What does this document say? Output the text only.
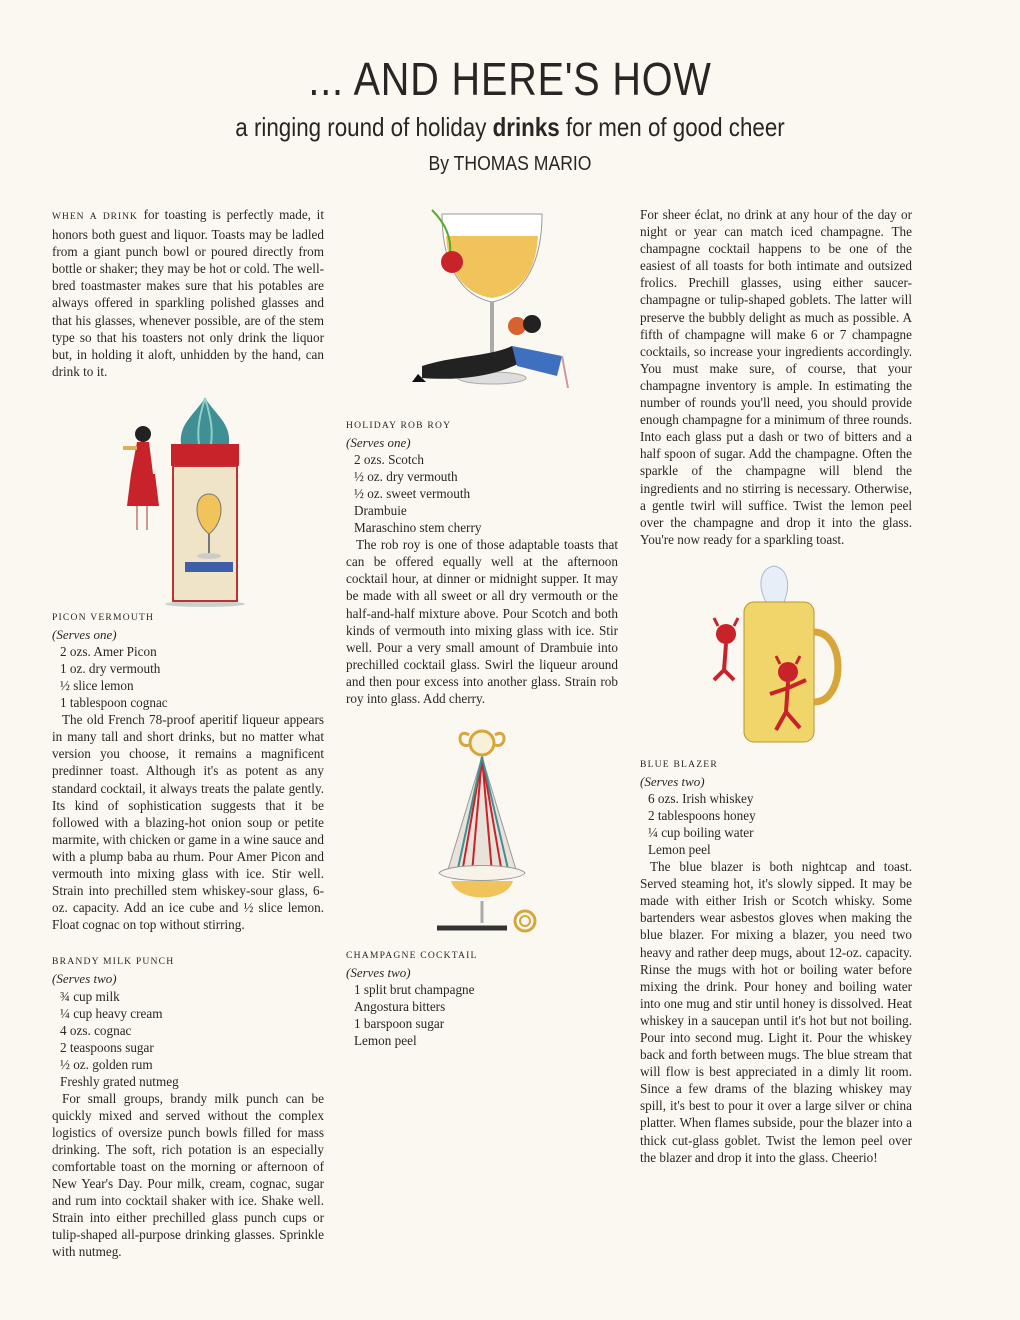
... AND HERE'S HOW
a ringing round of holiday drinks for men of good cheer
By THOMAS MARIO

WHEN A DRINK for toasting is perfectly made, it honors both guest and liquor. Toasts may be ladled from a giant punch bowl or poured directly from bottle or shaker; they may be hot or cold. The well-bred toastmaster makes sure that his potables are always offered in sparkling polished glasses and that his glasses, whenever possible, are of the stem type so that his toasters not only drink the liquor but, in holding it aloft, unhidden by the hand, can drink to it.

PICON VERMOUTH

(Serves one)

2 ozs. Amer Picon
1 oz. dry vermouth
½ slice lemon
1 tablespoon cognac

The old French 78-proof aperitif liqueur appears in many tall and short drinks, but no matter what version you choose, it remains a magnificent predinner toast. Although it's as potent as any standard cocktail, it always treats the palate gently. Its kind of sophistication suggests that it be followed with a blazing-hot onion soup or petite marmite, with chicken or game in a wine sauce and with a plump baba au rhum. Pour Amer Picon and vermouth into mixing glass with ice. Stir well. Strain into prechilled stem whiskey-sour glass, 6-oz. capacity. Add an ice cube and ½ slice lemon. Float cognac on top without stirring.

BRANDY MILK PUNCH

(Serves two)

¾ cup milk
¼ cup heavy cream
4 ozs. cognac
2 teaspoons sugar
½ oz. golden rum
Freshly grated nutmeg

For small groups, brandy milk punch can be quickly mixed and served without the complex logistics of oversize punch bowls filled for mass drinking. The soft, rich potation is an especially comfortable toast on the morning or afternoon of New Year's Day. Pour milk, cream, cognac, sugar and rum into cocktail shaker with ice. Shake well. Strain into either prechilled glass punch cups or tulip-shaped all-purpose drinking glasses. Sprinkle with nutmeg.

HOLIDAY ROB ROY

(Serves one)

2 ozs. Scotch
½ oz. dry vermouth
½ oz. sweet vermouth
Drambuie
Maraschino stem cherry

The rob roy is one of those adaptable toasts that can be offered equally well at the afternoon cocktail hour, at dinner or midnight supper. It may be made with all sweet or all dry vermouth or the half-and-half mixture above. Pour Scotch and both kinds of vermouth into mixing glass with ice. Stir well. Pour a very small amount of Drambuie into prechilled cocktail glass. Swirl the liqueur around and then pour excess into another glass. Strain rob roy into glass. Add cherry.

CHAMPAGNE COCKTAIL

(Serves two)

1 split brut champagne
Angostura bitters
1 barspoon sugar
Lemon peel

For sheer éclat, no drink at any hour of the day or night or year can match iced champagne. The champagne cocktail happens to be one of the easiest of all toasts for both intimate and outsized frolics. Prechill glasses, using either saucer-champagne or tulip-shaped goblets. The latter will preserve the bubbly delight as much as possible. A fifth of champagne will make 6 or 7 champagne cocktails, so increase your ingredients accordingly. You must make sure, of course, that your champagne inventory is ample. In estimating the number of rounds you'll need, you should provide enough champagne for a minimum of three rounds. Into each glass put a dash or two of bitters and a half spoon of sugar. Add the champagne. Often the sparkle of the champagne will blend the ingredients and no stirring is necessary. Otherwise, a gentle twirl will suffice. Twist the lemon peel over the champagne and drop it into the glass. You're now ready for a sparkling toast.

BLUE BLAZER

(Serves two)

6 ozs. Irish whiskey
2 tablespoons honey
¼ cup boiling water
Lemon peel

The blue blazer is both nightcap and toast. Served steaming hot, it's slowly sipped. It may be made with either Irish or Scotch whisky. Some bartenders wear asbestos gloves when making the blue blazer. For mixing a blazer, you need two heavy and rather deep mugs, about 12-oz. capacity. Rinse the mugs with hot or boiling water before mixing the drink. Pour honey and boiling water into one mug and stir until honey is dissolved. Heat whiskey in a saucepan until it's hot but not boiling. Pour into second mug. Light it. Pour the whiskey back and forth between mugs. The blue stream that will flow is best appreciated in a dimly lit room. Since a few drams of the blazing whiskey may spill, it's best to pour it over a large silver or china platter. When flames subside, pour the blazer into a thick cut-glass goblet. Twist the lemon peel over the blazer and drop it into the glass. Cheerio!
